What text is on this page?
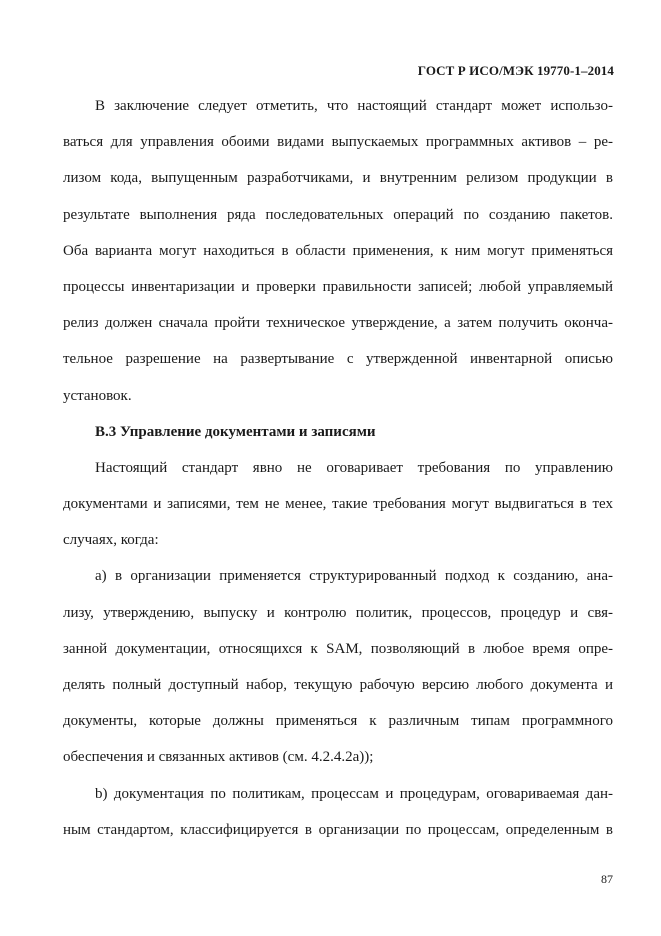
ГОСТ Р ИСО/МЭК 19770-1–2014
В заключение следует отметить, что настоящий стандарт может использо-
ваться для управления обоими видами выпускаемых программных активов – ре-
лизом кода, выпущенным разработчиками, и внутренним релизом продукции в
результате выполнения ряда последовательных операций по созданию пакетов.
Оба варианта могут находиться в области применения, к ним могут применяться
процессы инвентаризации и проверки правильности записей; любой управляемый
релиз должен сначала пройти техническое утверждение, а затем получить оконча-
тельное разрешение на развертывание с утвержденной инвентарной описью
установок.
В.3 Управление документами и записями
Настоящий стандарт явно не оговаривает требования по управлению
документами и записями, тем не менее, такие требования могут выдвигаться в тех
случаях, когда:
а) в организации применяется структурированный подход к созданию, ана-
лизу, утверждению, выпуску и контролю политик, процессов, процедур и свя-
занной документации, относящихся к SAM, позволяющий в любое время опре-
делять полный доступный набор, текущую рабочую версию любого документа и
документы, которые должны применяться к различным типам программного
обеспечения и связанных активов (см. 4.2.4.2а));
b) документация по политикам, процессам и процедурам, оговариваемая дан-
ным стандартом, классифицируется в организации по процессам, определенным в
87
